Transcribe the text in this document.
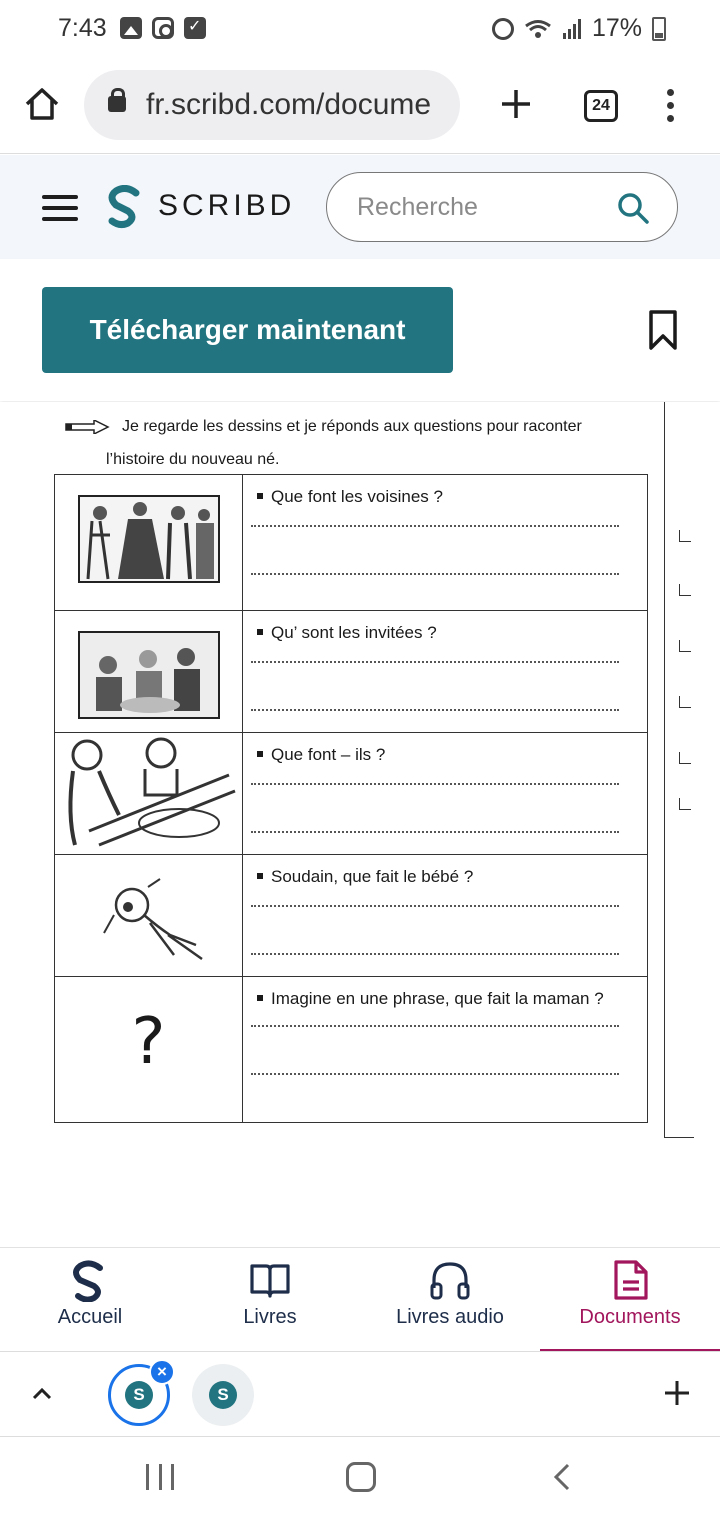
7:43 ✓	17%
fr.scribd.com/docume	24
SCRIBD Recherche
Télécharger maintenant
Je regarde les dessins et je réponds aux questions pour raconter
l’histoire du nouveau né.

Que font les voisines ?

Qu’ sont les invitées ?

Que font – ils ?

Soudain, que fait le bébé ?

?	Imagine en une phrase, que fait la maman ?
Accueil	Livres	Livres audio	Documents
S
×
S
